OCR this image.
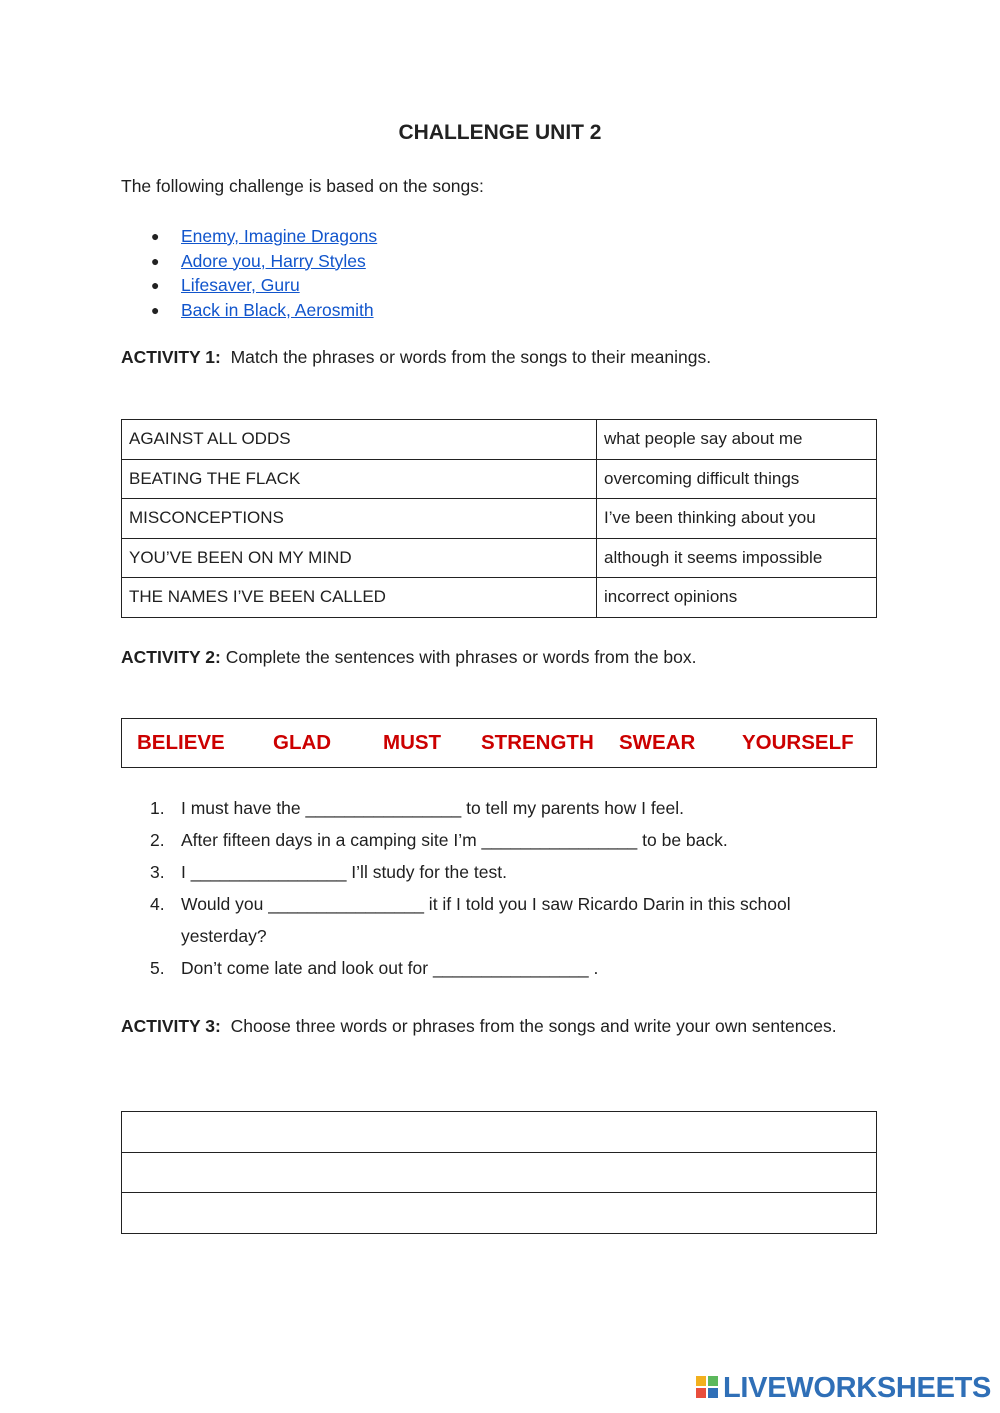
CHALLENGE UNIT 2
The following challenge is based on the songs:
● Enemy, Imagine Dragons
● Adore you, Harry Styles
● Lifesaver, Guru
● Back in Black, Aerosmith
ACTIVITY 1:  Match the phrases or words from the songs to their meanings.
AGAINST ALL ODDS	what people say about me
BEATING THE FLACK	overcoming difficult things
MISCONCEPTIONS	I’ve been thinking about you
YOU’VE BEEN ON MY MIND	although it seems impossible
THE NAMES I’VE BEEN CALLED	incorrect opinions
ACTIVITY 2: Complete the sentences with phrases or words from the box.
BELIEVE GLAD	MUST STRENGTH SWEAR YOURSELF
1. I must have the ________________ to tell my parents how I feel.
2. After fifteen days in a camping site I’m ________________ to be back.
3. I ________________ I’ll study for the test.
4. Would you ________________ it if I told you I saw Ricardo Darin in this school yesterday?
5. Don’t come late and look out for ________________ .
ACTIVITY 3:  Choose three words or phrases from the songs and write your own sentences.

LIVEWORKSHEETS
